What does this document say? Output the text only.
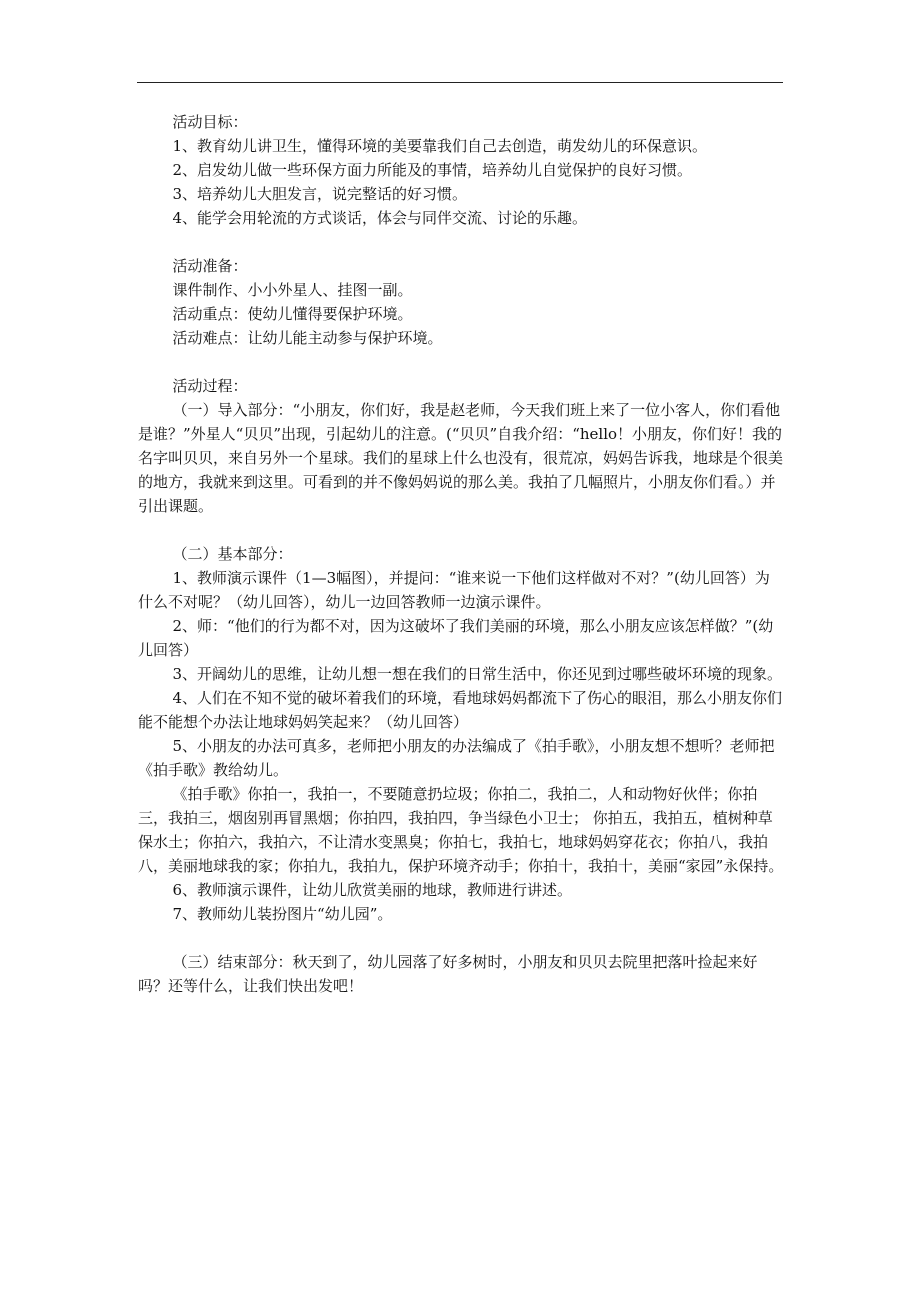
活动目标：

1、教育幼儿讲卫生，懂得环境的美要靠我们自己去创造，萌发幼儿的环保意识。

2、启发幼儿做一些环保方面力所能及的事情，培养幼儿自觉保护的良好习惯。

3、培养幼儿大胆发言，说完整话的好习惯。

4、能学会用轮流的方式谈话，体会与同伴交流、讨论的乐趣。

活动准备：

课件制作、小小外星人、挂图一副。

活动重点：使幼儿懂得要保护环境。

活动难点：让幼儿能主动参与保护环境。

活动过程：

（一）导入部分：“小朋友，你们好，我是赵老师，今天我们班上来了一位小客人，你们看他是谁？”外星人“贝贝”出现，引起幼儿的注意。(“贝贝”自我介绍：“hello！小朋友，你们好！我的名字叫贝贝，来自另外一个星球。我们的星球上什么也没有，很荒凉，妈妈告诉我，地球是个很美的地方，我就来到这里。可看到的并不像妈妈说的那么美。我拍了几幅照片，小朋友你们看。）并引出课题。

（二）基本部分：

1、教师演示课件（1—3幅图），并提问：“谁来说一下他们这样做对不对？”(幼儿回答）为什么不对呢？（幼儿回答），幼儿一边回答教师一边演示课件。

2、师：“他们的行为都不对，因为这破坏了我们美丽的环境，那么小朋友应该怎样做？”(幼儿回答）

3、开阔幼儿的思维，让幼儿想一想在我们的日常生活中，你还见到过哪些破坏环境的现象。

4、人们在不知不觉的破坏着我们的环境，看地球妈妈都流下了伤心的眼泪，那么小朋友你们能不能想个办法让地球妈妈笑起来？（幼儿回答）

5、小朋友的办法可真多，老师把小朋友的办法编成了《拍手歌》，小朋友想不想听？老师把《拍手歌》教给幼儿。

《拍手歌》你拍一，我拍一，不要随意扔垃圾；你拍二，我拍二，人和动物好伙伴；你拍三，我拍三，烟囱别再冒黑烟；你拍四，我拍四，争当绿色小卫士； 你拍五，我拍五，植树种草保水土；你拍六，我拍六，不让清水变黑臭；你拍七，我拍七，地球妈妈穿花衣；你拍八，我拍八，美丽地球我的家；你拍九，我拍九，保护环境齐动手；你拍十，我拍十，美丽“家园”永保持。

6、教师演示课件，让幼儿欣赏美丽的地球，教师进行讲述。

7、教师幼儿装扮图片“幼儿园”。

（三）结束部分：秋天到了，幼儿园落了好多树时，小朋友和贝贝去院里把落叶捡起来好吗？还等什么，让我们快出发吧！
